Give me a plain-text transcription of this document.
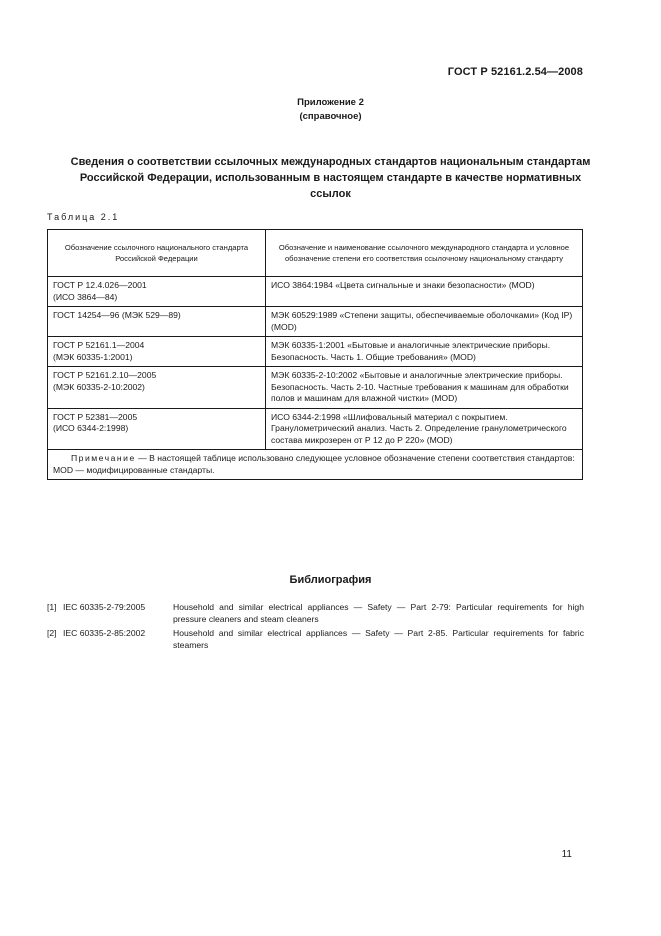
ГОСТ Р 52161.2.54—2008
Приложение 2
(справочное)
Сведения о соответствии ссылочных международных стандартов национальным стандартам
Российской Федерации, использованным в настоящем стандарте в качестве нормативных
ссылок
Таблица 2.1
Обозначение ссылочного национального стандарта Российской Федерации	Обозначение и наименование ссылочного международного стандарта и условное обозначение степени его соответствия ссылочному национальному стандарту

ГОСТ Р 12.4.026—2001
(ИСО 3864—84)	ИСО 3864:1984 «Цвета сигнальные и знаки безопасности» (MOD)

ГОСТ 14254—96 (МЭК 529—89)	МЭК 60529:1989 «Степени защиты, обеспечиваемые оболочками» (Код IP) (MOD)

ГОСТ Р 52161.1—2004
(МЭК 60335-1:2001)	МЭК 60335-1:2001 «Бытовые и аналогичные электрические приборы. Безопасность. Часть 1. Общие требования» (MOD)

ГОСТ Р 52161.2.10—2005
(МЭК 60335-2-10:2002)	МЭК 60335-2-10:2002 «Бытовые и аналогичные электрические приборы. Безопасность. Часть 2-10. Частные требования к машинам для обработки полов и машинам для влажной чистки» (MOD)

ГОСТ Р 52381—2005
(ИСО 6344-2:1998)	ИСО 6344-2:1998 «Шлифовальный материал с покрытием. Гранулометрический анализ. Часть 2. Определение гранулометрического состава микрозерен от Р 12 до Р 220» (MOD)

Примечание — В настоящей таблице использовано следующее условное обозначение степени соответствия стандартов:
MOD — модифицированные стандарты.	
Библиография
[1] IEC 60335-2-79:2005	Household and similar electrical appliances — Safety — Part 2-79: Particular requirements for high pressure cleaners and steam cleaners
[2] IEC 60335-2-85:2002	Household and similar electrical appliances — Safety — Part 2-85. Particular requirements for fabric steamers
11
